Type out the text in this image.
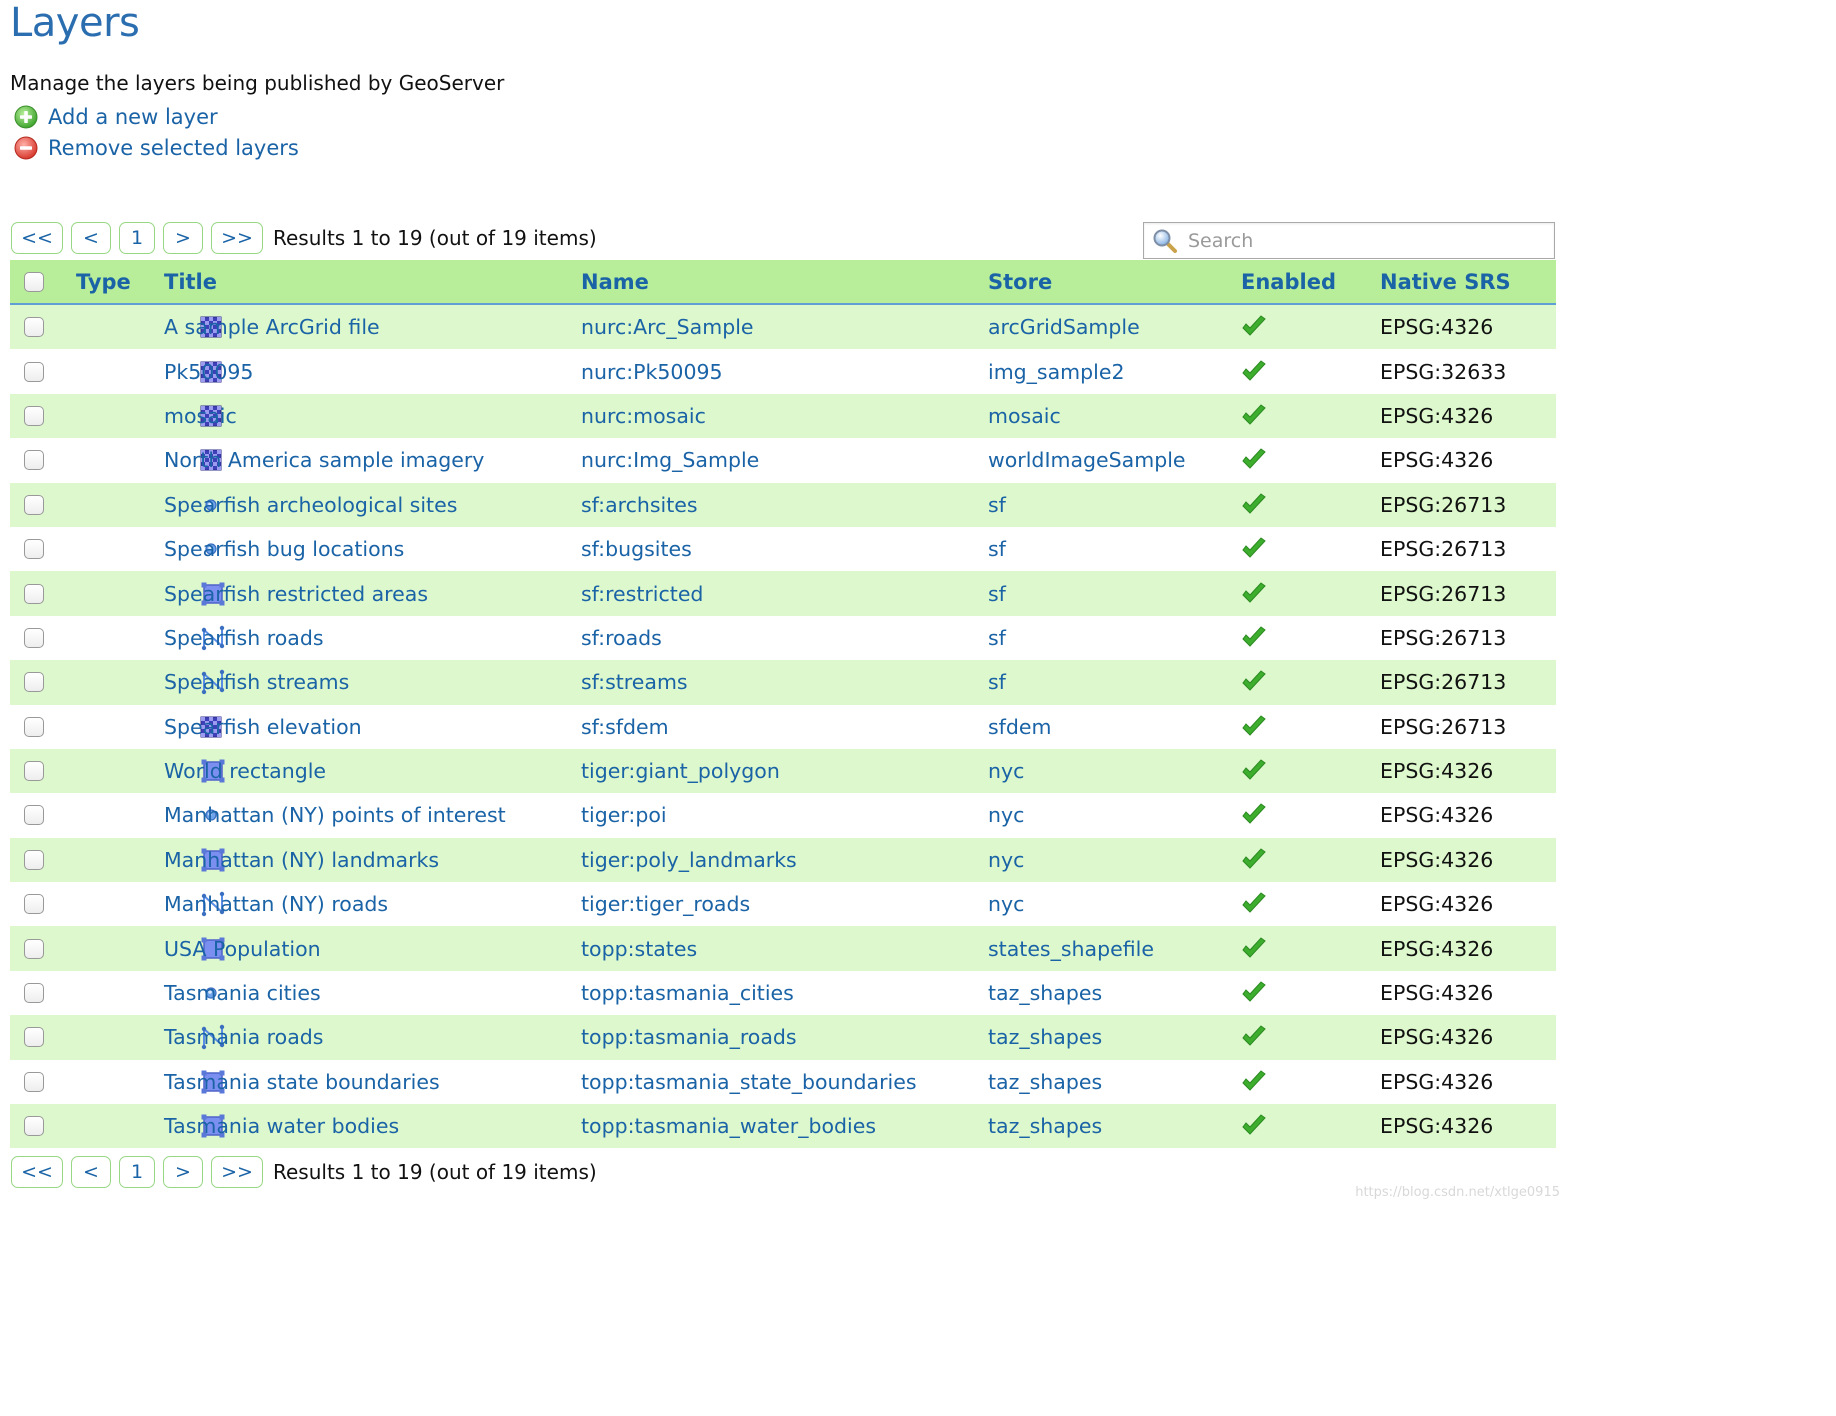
Layers
Manage the layers being published by GeoServer
Add a new layer
Remove selected layers
<<	<	1	>	>>	Results 1 to 19 (out of 19 items)
Search
	Type	Title	Name	Store	Enabled	Native SRS

	A sample ArcGrid file	nurc:Arc_Sample	arcGridSample		EPSG:4326

	Pk50095	nurc:Pk50095	img_sample2		EPSG:32633

	mosaic	nurc:mosaic	mosaic		EPSG:4326

	North America sample imagery	nurc:Img_Sample	worldImageSample		EPSG:4326

	Spearfish archeological sites	sf:archsites	sf		EPSG:26713

	Spearfish bug locations	sf:bugsites	sf		EPSG:26713

	Spearfish restricted areas	sf:restricted	sf		EPSG:26713

	Spearfish roads	sf:roads	sf		EPSG:26713

	Spearfish streams	sf:streams	sf		EPSG:26713

	Spearfish elevation	sf:sfdem	sfdem		EPSG:26713

	World rectangle	tiger:giant_polygon	nyc		EPSG:4326

	Manhattan (NY) points of interest	tiger:poi	nyc		EPSG:4326

	Manhattan (NY) landmarks	tiger:poly_landmarks	nyc		EPSG:4326

	Manhattan (NY) roads	tiger:tiger_roads	nyc		EPSG:4326

	USA Population	topp:states	states_shapefile		EPSG:4326

	Tasmania cities	topp:tasmania_cities	taz_shapes		EPSG:4326

	Tasmania roads	topp:tasmania_roads	taz_shapes		EPSG:4326

	Tasmania state boundaries	topp:tasmania_state_boundaries	taz_shapes		EPSG:4326

	Tasmania water bodies	topp:tasmania_water_bodies	taz_shapes		EPSG:4326
<<	<	1	>	>>	Results 1 to 19 (out of 19 items)
https://blog.csdn.net/xtlge0915
